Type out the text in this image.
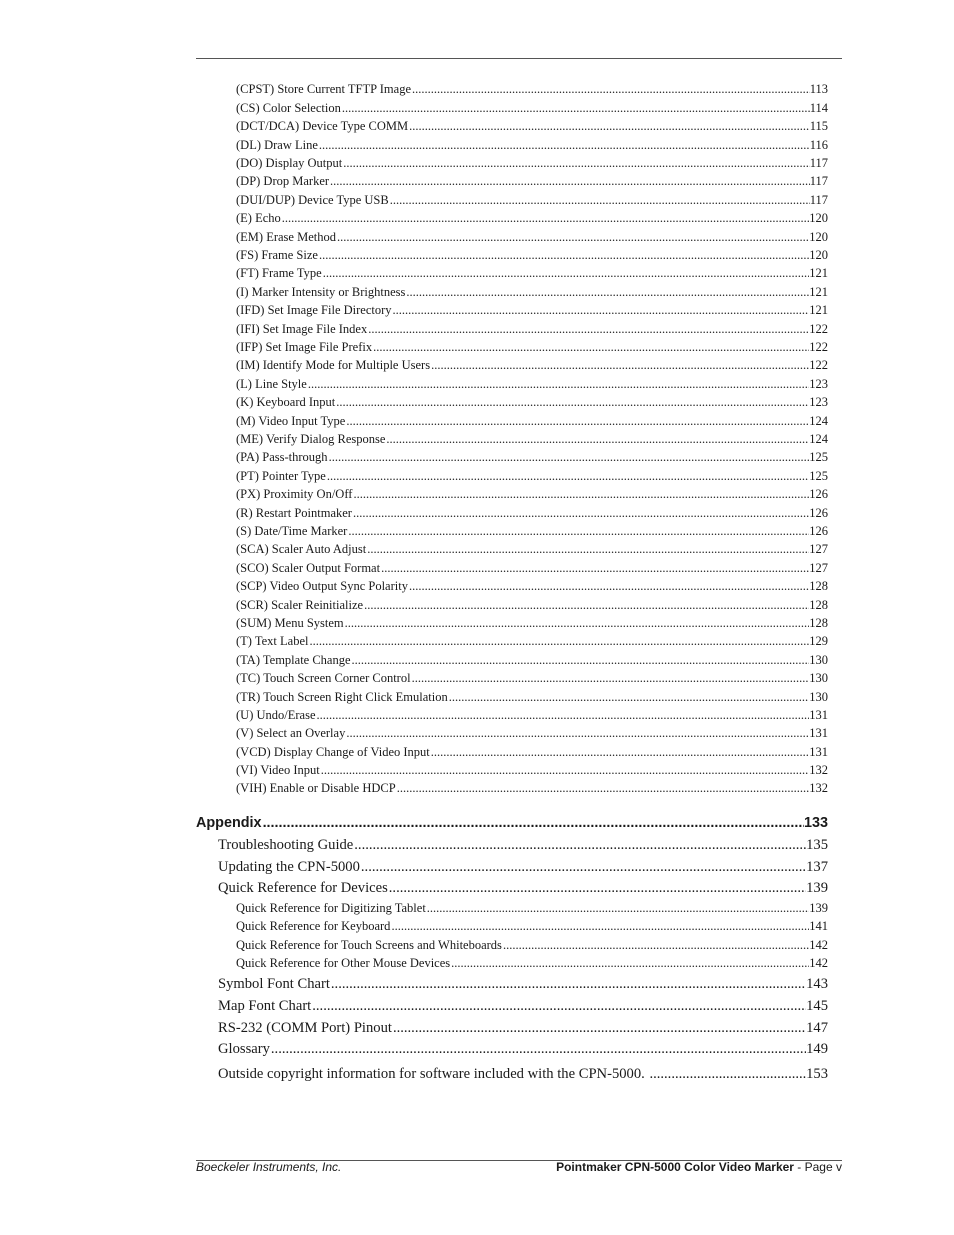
(CPST) Store Current TFTP Image .....	113
(CS) Color Selection .....	114
(DCT/DCA) Device Type COMM .....	115
(DL) Draw Line .....	116
(DO) Display Output .....	117
(DP) Drop Marker .....	117
(DUI/DUP) Device Type USB .....	117
(E) Echo .....	120
(EM) Erase Method .....	120
(FS) Frame Size .....	120
(FT) Frame Type .....	121
(I) Marker Intensity or Brightness .....	121
(IFD) Set Image File Directory .....	121
(IFI) Set Image File Index .....	122
(IFP) Set Image File Prefix .....	122
(IM) Identify Mode for Multiple Users .....	122
(L) Line Style .....	123
(K) Keyboard Input .....	123
(M) Video Input Type .....	124
(ME) Verify Dialog Response .....	124
(PA) Pass-through .....	125
(PT) Pointer Type .....	125
(PX) Proximity On/Off .....	126
(R) Restart Pointmaker .....	126
(S) Date/Time Marker .....	126
(SCA) Scaler Auto Adjust .....	127
(SCO) Scaler Output Format .....	127
(SCP) Video Output Sync Polarity .....	128
(SCR) Scaler Reinitialize .....	128
(SUM) Menu System .....	128
(T) Text Label .....	129
(TA) Template Change .....	130
(TC) Touch Screen Corner Control .....	130
(TR) Touch Screen Right Click Emulation .....	130
(U) Undo/Erase .....	131
(V) Select an Overlay .....	131
(VCD) Display Change of Video Input .....	131
(VI) Video Input .....	132
(VIH) Enable or Disable HDCP .....	132
Appendix .....	133
Troubleshooting Guide .....	135
Updating the CPN-5000 .....	137
Quick Reference for Devices .....	139
Quick Reference for Digitizing Tablet .....	139
Quick Reference for Keyboard .....	141
Quick Reference for Touch Screens and Whiteboards .....	142
Quick Reference for Other Mouse Devices .....	142
Symbol Font Chart .....	143
Map Font Chart .....	145
RS-232 (COMM Port) Pinout .....	147
Glossary .....	149
Outside copyright information for software included with the CPN-5000. .....	153
Boeckeler Instruments, Inc.	Pointmaker CPN-5000 Color Video Marker - Page v
